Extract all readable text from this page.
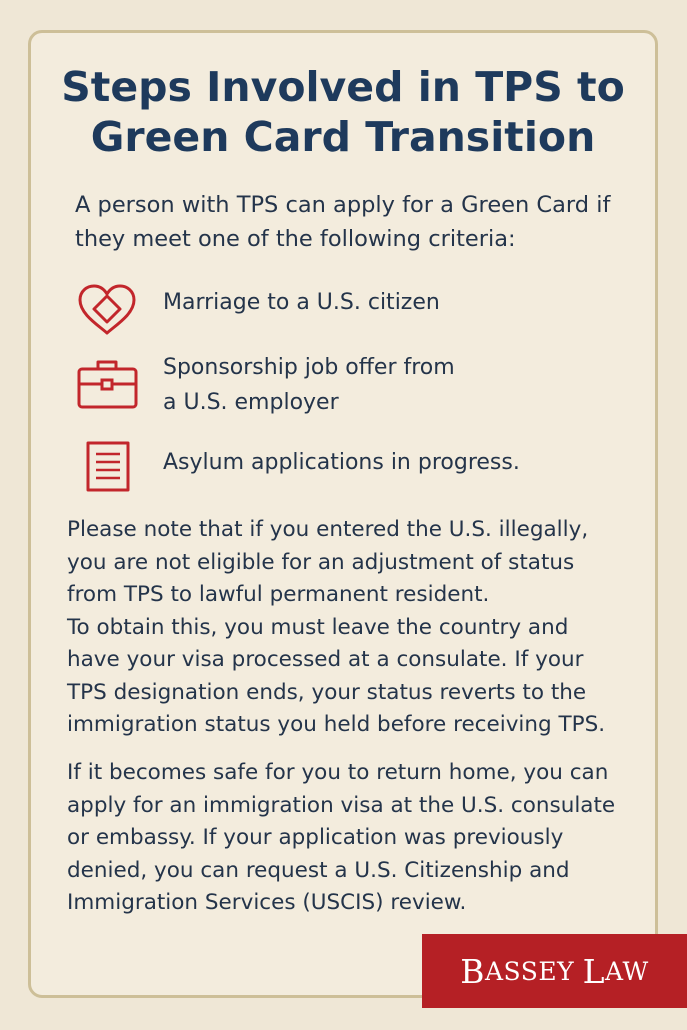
Steps Involved in TPS to Green Card Transition

A person with TPS can apply for a Green Card if they meet one of the following criteria:

Marriage to a U.S. citizen
Sponsorship job offer from
a U.S. employer
Asylum applications in progress.
Please note that if you entered the U.S. illegally,
you are not eligible for an adjustment of status
from TPS to lawful permanent resident.
To obtain this, you must leave the country and
have your visa processed at a consulate. If your
TPS designation ends, your status reverts to the
immigration status you held before receiving TPS.
If it becomes safe for you to return home, you can
apply for an immigration visa at the U.S. consulate
or embassy. If your application was previously
denied, you can request a U.S. Citizenship and
Immigration Services (USCIS) review.
B ASSEY L AW
